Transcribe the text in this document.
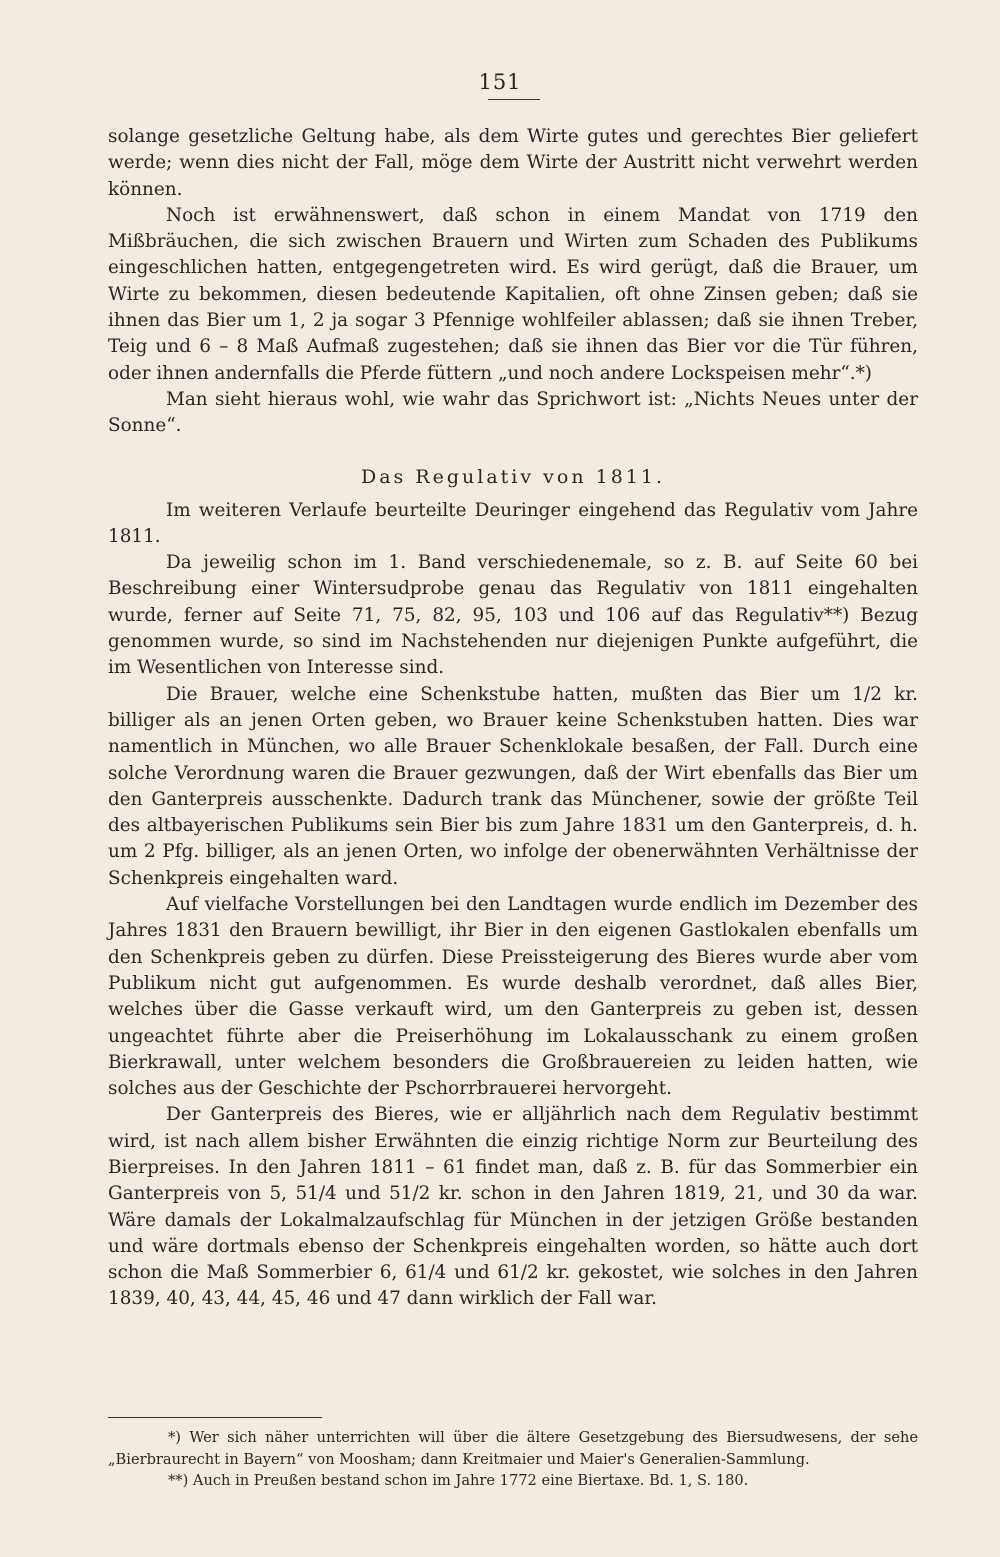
151

solange gesetzliche Geltung habe, als dem Wirte gutes und gerechtes Bier geliefert werde; wenn dies nicht der Fall, möge dem Wirte der Austritt nicht verwehrt werden können.

Noch ist erwähnenswert, daß schon in einem Mandat von 1719 den Mißbräuchen, die sich zwischen Brauern und Wirten zum Schaden des Publikums eingeschlichen hatten, entgegengetreten wird. Es wird gerügt, daß die Brauer, um Wirte zu bekommen, diesen bedeutende Kapitalien, oft ohne Zinsen geben; daß sie ihnen das Bier um 1, 2 ja sogar 3 Pfennige wohlfeiler ablassen; daß sie ihnen Treber, Teig und 6 – 8 Maß Aufmaß zugestehen; daß sie ihnen das Bier vor die Tür führen, oder ihnen andernfalls die Pferde füttern „und noch andere Lockspeisen mehr“.*)

Man sieht hieraus wohl, wie wahr das Sprichwort ist: „Nichts Neues unter der Sonne“.

Das Regulativ von 1811.

Im weiteren Verlaufe beurteilte Deuringer eingehend das Regulativ vom Jahre 1811.

Da jeweilig schon im 1. Band verschiedenemale, so z. B. auf Seite 60 bei Beschreibung einer Wintersudprobe genau das Regulativ von 1811 eingehalten wurde, ferner auf Seite 71, 75, 82, 95, 103 und 106 auf das Regulativ**) Bezug genommen wurde, so sind im Nachstehenden nur diejenigen Punkte aufgeführt, die im Wesentlichen von Interesse sind.

Die Brauer, welche eine Schenkstube hatten, mußten das Bier um 1/2 kr. billiger als an jenen Orten geben, wo Brauer keine Schenkstuben hatten. Dies war namentlich in München, wo alle Brauer Schenklokale besaßen, der Fall. Durch eine solche Verordnung waren die Brauer gezwungen, daß der Wirt ebenfalls das Bier um den Ganterpreis ausschenkte. Dadurch trank das Münchener, sowie der größte Teil des altbayerischen Publikums sein Bier bis zum Jahre 1831 um den Ganterpreis, d. h. um 2 Pfg. billiger, als an jenen Orten, wo infolge der obenerwähnten Verhältnisse der Schenkpreis eingehalten ward.

Auf vielfache Vorstellungen bei den Landtagen wurde endlich im Dezember des Jahres 1831 den Brauern bewilligt, ihr Bier in den eigenen Gastlokalen ebenfalls um den Schenkpreis geben zu dürfen. Diese Preissteigerung des Bieres wurde aber vom Publikum nicht gut aufgenommen. Es wurde deshalb verordnet, daß alles Bier, welches über die Gasse verkauft wird, um den Ganterpreis zu geben ist, dessen ungeachtet führte aber die Preiserhöhung im Lokalausschank zu einem großen Bierkrawall, unter welchem besonders die Großbrauereien zu leiden hatten, wie solches aus der Geschichte der Pschorrbrauerei hervorgeht.

Der Ganterpreis des Bieres, wie er alljährlich nach dem Regulativ bestimmt wird, ist nach allem bisher Erwähnten die einzig richtige Norm zur Beurteilung des Bierpreises. In den Jahren 1811 – 61 findet man, daß z. B. für das Sommerbier ein Ganterpreis von 5, 51/4 und 51/2 kr. schon in den Jahren 1819, 21, und 30 da war. Wäre damals der Lokalmalzaufschlag für München in der jetzigen Größe bestanden und wäre dortmals ebenso der Schenkpreis eingehalten worden, so hätte auch dort schon die Maß Sommerbier 6, 61/4 und 61/2 kr. gekostet, wie solches in den Jahren 1839, 40, 43, 44, 45, 46 und 47 dann wirklich der Fall war.

*) Wer sich näher unterrichten will über die ältere Gesetzgebung des Biersudwesens, der sehe „Bierbraurecht in Bayern“ von Moosham; dann Kreitmaier und Maier's Generalien-Sammlung.

**) Auch in Preußen bestand schon im Jahre 1772 eine Biertaxe. Bd. 1, S. 180.
